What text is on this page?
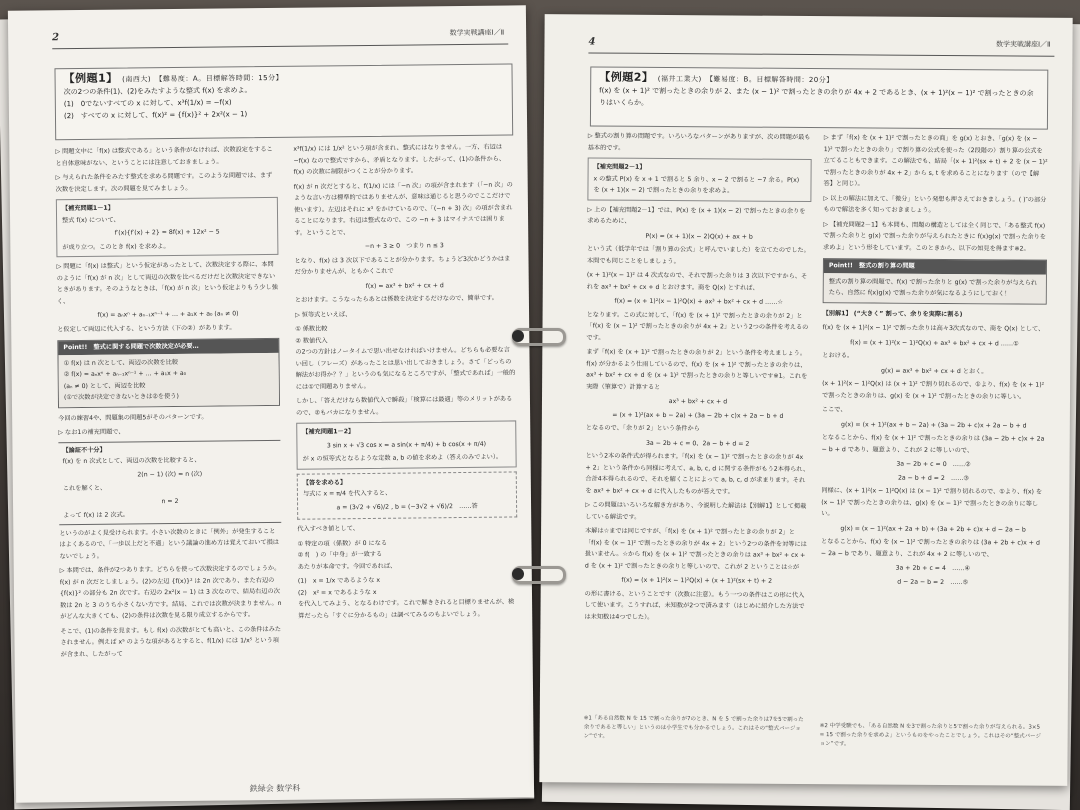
2	数学実戦講座Ⅰ／Ⅱ
【例題1】 (南西大) 【難易度：A。目標解答時間：15分】
次の2つの条件(1)、(2)をみたすような整式 f(x) を求めよ。
(1)　0でないすべての x に対して、x³f(1/x) = −f(x)
(2)　すべての x に対して、f(x)² = {f(x)}² + 2x²(x − 1)

▷ 問題文中に「f(x) は整式である」という条件がなければ、次数設定をすること自体意味がない、ということには注意しておきましょう。

▷ 与えられた条件をみたす整式を求める問題です。このような問題では、まず次数を決定します。次の問題を見てみましょう。

【補充問題1－1】
整式 f(x) について、
f′(x){f′(x) + 2} = 8f(x) + 12x² − 5
が成り立つ。このとき f(x) を求めよ。

▷ 問題に「f(x) は整式」という仮定があったとして、次数決定する際に、本問のように「f(x) が n 次」として両辺の次数を比べるだけだと次数決定できないときがあります。そのようなときは、「f(x) が n 次」という仮定よりもう少し強く、

f(x) = aₙxⁿ + aₙ₋₁xⁿ⁻¹ + … + a₁x + a₀ (aₙ ≠ 0)

と仮定して両辺に代入する、という方法（下の②）があります。

Point!!　整式に関する問題で次数決定が必要…
① f(x) は n 次として、両辺の次数を比較
② f(x) = aₙxⁿ + aₙ₋₁xⁿ⁻¹ + … + a₁x + a₀
(aₙ ≠ 0) として、両辺を比較
(①で次数が決定できないときは②を使う)

今回の練習4や、問題集の問題5がそのパターンです。

▷ なお1の補充問題で、

【論証不十分】
f(x) を n 次式として、両辺の次数を比較すると、
2(n − 1) (次) = n (次)
これを解くと、
n = 2
よって f(x) は 2 次式。

というのがよく見受けられます。小さい次数のときに「例外」が発生することはよくあるので、「一歩以上だと不適」という議論の進め方は覚えておいて損はないでしょう。

▷ 本問では、条件が2つあります。どちらを使って次数決定するのでしょうか。f(x) が n 次だとしましょう。(2)の左辺 {f(x)}² は 2n 次であり、また右辺の {f(x)}² の部分も 2n 次です。右辺の 2x²(x − 1) は 3 次なので、結局右辺の次数は 2n と 3 のうち小さくない方です。結局、これでは次数が決まりません。n がどんな大きくても、(2)の条件は次数を見る限り成立するからです。

そこで、(1)の条件を見ます。もし f(x) の次数がとても高いと、この条件はみたされません。例えば x⁵ のような項があるとすると、f(1/x) には 1/x⁵ という項が含まれ、したがって

x³f(1/x) には 1/x² という項が含まれ、整式にはなりません。一方、右辺は −f(x) なので整式ですから、矛盾となります。したがって、(1)の条件から、f(x) の次数に制限がつくことが分かります。

f(x) が n 次だとすると、f(1/x) には「−n 次」の項が含まれます（「−n 次」のような言い方は標準的ではありませんが、意味は通じると思うのでここだけで使います）。左辺はそれに x³ をかけているので、「(−n + 3) 次」の項が含まれることになります。右辺は整式なので、この −n + 3 はマイナスでは困ります。ということで、

−n + 3 ≥ 0　つまり n ≤ 3

となり、f(x) は 3 次以下であることが分かります。ちょうど3次かどうかはまだ分かりませんが、ともかくこれで

f(x) = ax³ + bx² + cx + d

とおけます。こうなったらあとは係数を決定するだけなので、簡単です。

▷ 恒等式といえば、

① 係数比較
② 数値代入

の2つの方針はノータイムで思い出せなければいけません。どちらも必要な言い回し（フレーズ）があったことは思い出しておきましょう。さて「どっちの解法がお得か？？」というのも気になるところですが、「整式であれば」一般的には①で問題ありません。

しかし、「答えだけなら数値代入で瞬殺」「検算には最適」等のメリットがあるので、②もバカになりません。

【補充問題1－2】
3 sin x + √3 cos x = a sin(x + π/4) + b cos(x + π/4)
が x の恒等式となるような定数 a, b の値を求めよ（答えのみでよい）。
【答を求める】
与式に x = π/4 を代入すると、
a = (3√2 + √6)/2 , b = (−3√2 + √6)/2　……答

代入すべき値として、

① 特定の項（係数）が 0 になる
② f(　) の「中身」が一致する

あたりが本命です。今回であれば、

(1)　x = 1/x であるような x
(2)　x² = x であるような x

を代入してみよう、となるわけです。これで解きされると目標りませんが、検算だったら「すぐに分かるもの」は調べてみるのもよいでしょう。

鉄緑会 数学科
4	数学実戦講座Ⅰ／Ⅱ
【例題2】 (福井工業大) 【難易度：B。目標解答時間：20分】
f(x) を (x + 1)² で割ったときの余りが 2、また (x − 1)² で割ったときの余りが 4x + 2 であるとき、(x + 1)²(x − 1)² で割ったときの余りはいくらか。

▷ 整式の割り算の問題です。いろいろなパターンがありますが、次の問題が最も基本的です。

【補充問題2－1】
x の整式 P(x) を x + 1 で割ると 5 余り、x − 2 で割ると −7 余る。P(x) を (x + 1)(x − 2) で割ったときの余りを求めよ。

▷ 上の【補充問題2－1】では、P(x) を (x + 1)(x − 2) で割ったときの余りを求めるために、

P(x) = (x + 1)(x − 2)Q(x) + ax + b

という式（低学年では「割り算の公式」と呼んでいました）を立てたのでした。本問でも同じことをしましょう。

(x + 1)²(x − 1)² は 4 次式なので、それで割った余りは 3 次以下ですから、それを ax³ + bx² + cx + d とおけます。商を Q(x) とすれば、

f(x) = (x + 1)²(x − 1)²Q(x) + ax³ + bx² + cx + d ……☆

となります。この式に対して、「f(x) を (x + 1)² で割ったときの余りが 2」と「f(x) を (x − 1)² で割ったときの余りが 4x + 2」という2つの条件を考えるのです。

まず「f(x) を (x + 1)² で割ったときの余りが 2」という条件を考えましょう。f(x) が分かるよう仕雨しているので、f(x) を (x + 1)² で割ったときの余りは、ax³ + bx² + cx + d を (x + 1)² で割ったときの余りと等しいです※1。これを実際（筆算で）計算すると

ax³ + bx² + cx + d
= (x + 1)²(ax + b − 2a) + (3a − 2b + c)x + 2a − b + d

となるので、「余りが 2」という条件から

3a − 2b + c = 0、2a − b + d = 2

という2本の条件式が得られます。「f(x) を (x − 1)² で割ったときの余りが 4x + 2」という条件から同様に考えて、a, b, c, d に関する条件がもう2本得られ、合計4本得られるので、それを解くことによって a, b, c, d が求まります。それを ax³ + bx² + cx + d に代入したものが答えです。

▷ この問題はいろいろな解き方があり、今説明した解法は【別解1】として掲載している解法です。

本解は☆までは同じですが、「f(x) を (x + 1)² で割ったときの余りが 2」と「f(x) を (x − 1)² で割ったときの余りが 4x + 2」という2つの条件を対等には扱いません。☆から f(x) を (x + 1)² で割ったときの余りは ax³ + bx² + cx + d を (x + 1)² で割ったときの余りと等しいので、これが 2 ということは☆が

f(x) = (x + 1)²(x − 1)²Q(x) + (x + 1)²(sx + t) + 2

の形に書ける、ということです（次数に注意）。もう一つの条件はこの形に代入して使います。こうすれば、未知数が2つで済みます（はじめに紹介した方法では未知数は4つでした）。

※1「ある自然数 N を 15 で割った余りが7のとき、N を 5 で割った余りは7を5で割った余りであると等しい」というのは小学生でも分かるでしょう。これはその“整式バージョン”です。

▷ まず「f(x) を (x + 1)² で割ったときの商」を g(x) とおき、「g(x) を (x − 1)² で割ったときの余り」で割り算の公式を使った（2段階の）割り算の公式を立てることもできます。この解法でも、結局「(x + 1)²(sx + t) + 2 を (x − 1)² で割ったときの余りが 4x + 2」から s, t を求めることになります（ので【解答】と同じ）。

▷ 以上の解法に加えて、「微分」という発想も押さえておきましょう。( )″の部分もので解法を多く知っておきましょう。

▷ 【補充問題2－1】も本問も、問題の構造としては全く同じで、「ある整式 f(x) で割った余りと g(x) で割った余りが与えられたときに f(x)g(x) で割った余りを求めよ」という形をしています。このときから、以下の知見を得ます※2。

Point!!　整式の割り算の問題
整式の割り算の問題で、f(x) で割った余りと g(x) で割った余りが与えられたら、自然に f(x)g(x) で割った余りが気になるようにしておく！

【別解1】 (“大きく” 割って、余りを実際に割る)

f(x) を (x + 1)²(x − 1)² で割った余りは高々3次式なので、商を Q(x) として、

f(x) = (x + 1)²(x − 1)²Q(x) + ax³ + bx² + cx + d ……①

とおける。

g(x) = ax³ + bx² + cx + d とおく。

(x + 1)²(x − 1)²Q(x) は (x + 1)² で割り切れるので、①より、f(x) を (x + 1)² で割ったときの余りは、g(x) を (x + 1)² で割ったときの余りに等しい。

ここで、

g(x) = (x + 1)²(ax + b − 2a) + (3a − 2b + c)x + 2a − b + d

となることから、f(x) を (x + 1)² で割ったときの余りは (3a − 2b + c)x + 2a − b + d であり、題意より、これが 2 に等しいので、

3a − 2b + c = 0　……②
2a − b + d = 2　……③

同様に、(x + 1)²(x − 1)²Q(x) は (x − 1)² で割り切れるので、①より、f(x) を (x − 1)² で割ったときの余りは、g(x) を (x − 1)² で割ったときの余りに等しい。

g(x) = (x − 1)²(ax + 2a + b) + (3a + 2b + c)x + d − 2a − b

となることから、f(x) を (x − 1)² で割ったときの余りは (3a + 2b + c)x + d − 2a − b であり、題意より、これが 4x + 2 に等しいので、

3a + 2b + c = 4　……④
d − 2a − b = 2　……⑤
※2 中学受験でも、「ある自然数 N を3で割った余りと5で割った余りが与えられる。3×5 = 15 で割った余りを求めよ」というものをやったことでしょう。これはその“整式バージョン”です。
